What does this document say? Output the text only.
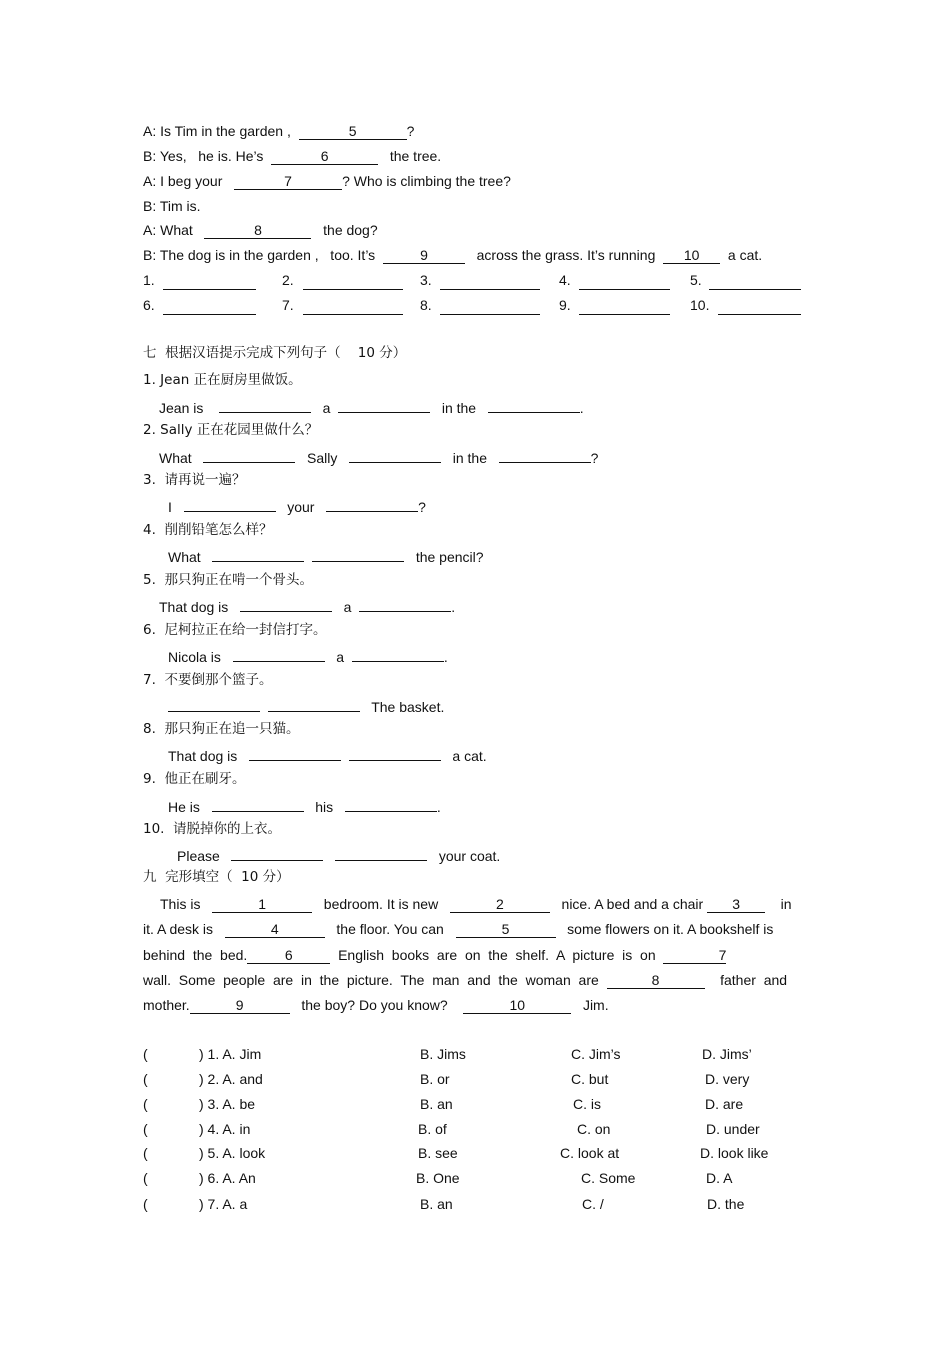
A: Is Tim in the garden ,	5	?
B: Yes,   he is. He’s	6	the tree.
A: I beg your	7	? Who is climbing the tree?
B: Tim is.
A: What	8	the dog?
B: The dog is in the garden ,   too. It’s	9	across the grass. It’s running  10  a cat.
1.	2.	3.	4.	5.
6.	7.	8.	9.	10.
七  根据汉语提示完成下列句子（    10 分）
1. Jean 正在厨房里做饭。
Jean is	a	in the	.
2. Sally 正在花园里做什么？
What	Sally	in the	?
3.  请再说一遍？
I	your	?
4.  削削铅笔怎么样？
What	the pencil?
5.  那只狗正在啃一个骨头。
That dog is	a	.
6.  尼柯拉正在给一封信打字。
Nicola is	a	.
7.  不要倒那个篮子。
The basket.
8.  那只狗正在追一只猫。
That dog is	a cat.
9.  他正在刷牙。
He is	his	.
10.  请脱掉你的上衣。
Please	your coat.
九  完形填空（  10 分）
This is	1	bedroom. It is new	2	nice. A bed and a chair 3	in
it. A desk is	4	the floor. You can	5	some flowers on it. A bookshelf is
behind  the  bed.	6	English  books  are  on  the  shelf.  A  picture  is  on	7
wall.  Some  people  are  in  the  picture.  The  man  and  the  woman  are	8	father  and
mother.	9	the boy? Do you know?	10	Jim.
(	) 1. A. Jim	B. Jims	C. Jim’s	D. Jims’
(	) 2. A. and	B. or	C. but	D. very
(	) 3. A. be	B. an	C. is	D. are
(	) 4. A. in	B. of	C. on	D. under
(	) 5. A. look	B. see	C. look at	D. look like
(	) 6. A. An	B. One	C. Some	D. A
(	) 7. A. a	B. an	C. /	D. the
